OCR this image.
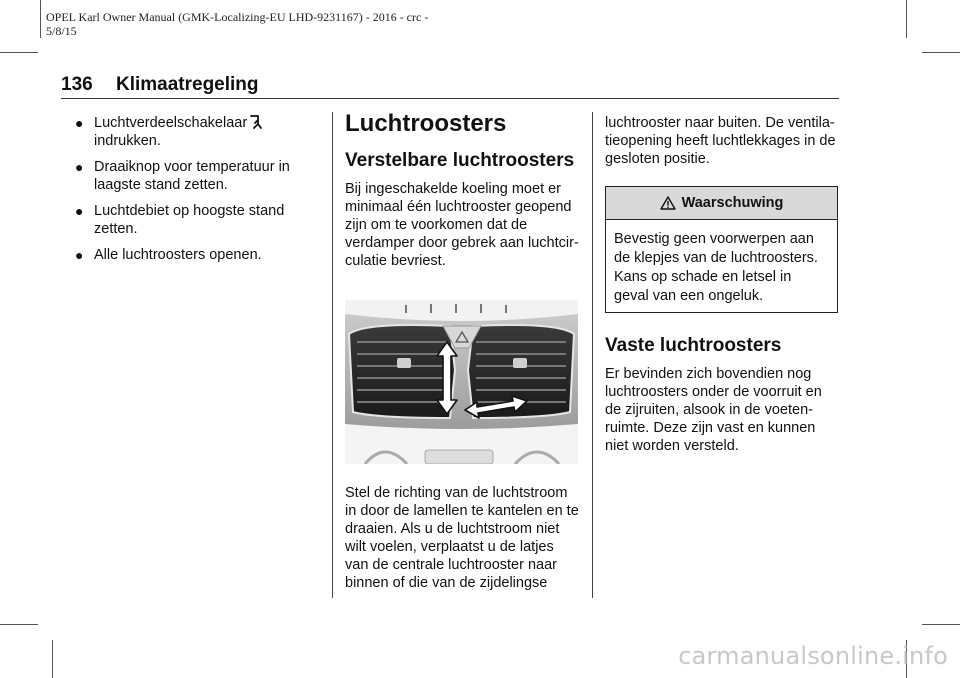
OPEL Karl Owner Manual (GMK-Localizing-EU LHD-9231167) - 2016 - crc -
5/8/15
136 Klimaatregeling
● Luchtverdeelschakelaar
indrukken.
● Draaiknop voor temperatuur in laagste stand zetten.
● Luchtdebiet op hoogste stand zetten.
● Alle luchtroosters openen.
Luchtroosters
Verstelbare luchtroosters

Bij ingeschakelde koeling moet er minimaal één luchtrooster geopend zijn om te voorkomen dat de verdamper door gebrek aan luchtcir-culatie bevriest.

Stel de richting van de luchtstroom in door de lamellen te kantelen en te draaien. Als u de luchtstroom niet wilt voelen, verplaatst u de latjes van de centrale luchtrooster naar binnen of die van de zijdelingse

luchtrooster naar buiten. De ventila-tieopening heeft luchtlekkages in de gesloten positie.

Waarschuwing
Bevestig geen voorwerpen aan de klepjes van de luchtroosters. Kans op schade en letsel in geval van een ongeluk.
Vaste luchtroosters

Er bevinden zich bovendien nog luchtroosters onder de voorruit en de zijruiten, alsook in de voeten-ruimte. Deze zijn vast en kunnen niet worden versteld.

carmanualsonline.info
